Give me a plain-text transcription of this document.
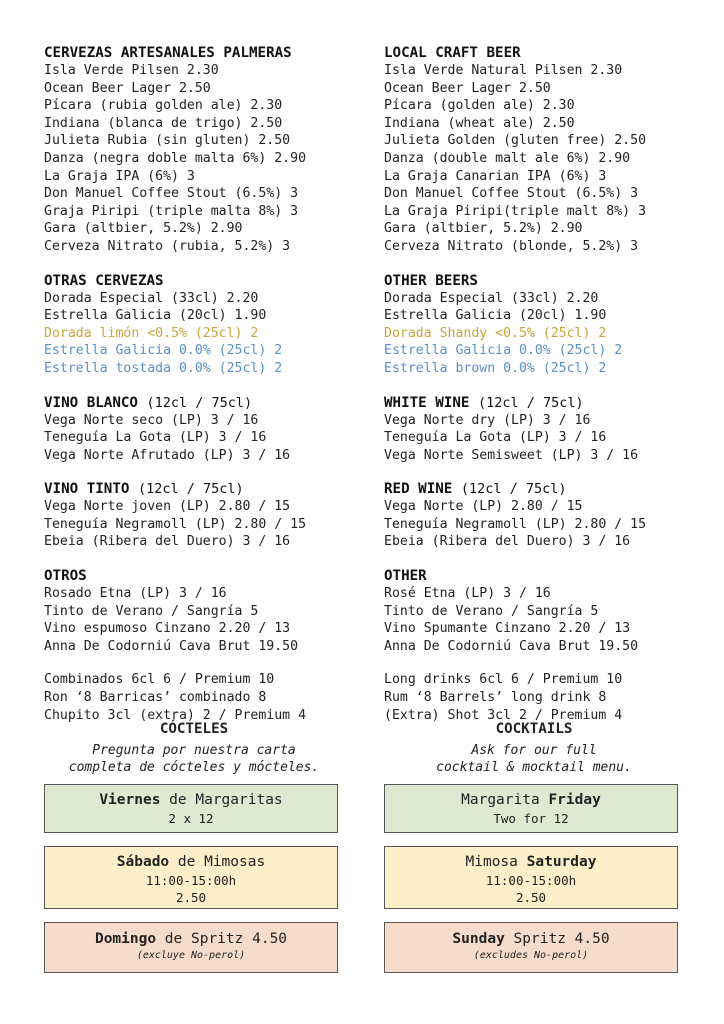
CERVEZAS ARTESANALES PALMERAS
Isla Verde Pilsen 2.30
Ocean Beer Lager 2.50
Pícara (rubia golden ale) 2.30
Indiana (blanca de trigo) 2.50
Julieta Rubia (sin gluten) 2.50
Danza (negra doble malta 6%) 2.90
La Graja IPA (6%) 3
Don Manuel Coffee Stout (6.5%) 3
Graja Piripi (triple malta 8%) 3
Gara (altbier, 5.2%) 2.90
Cerveza Nitrato (rubia, 5.2%) 3
OTRAS CERVEZAS
Dorada Especial (33cl) 2.20
Estrella Galicia (20cl) 1.90
Dorada limón <0.5% (25cl) 2
Estrella Galicia 0.0% (25cl) 2
Estrella tostada 0.0% (25cl) 2
VINO BLANCO (12cl / 75cl)
Vega Norte seco (LP) 3 / 16
Teneguía La Gota (LP) 3 / 16
Vega Norte Afrutado (LP) 3 / 16
VINO TINTO (12cl / 75cl)
Vega Norte joven (LP) 2.80 / 15
Teneguía Negramoll (LP) 2.80 / 15
Ebeia (Ribera del Duero) 3 / 16
OTROS
Rosado Etna (LP) 3 / 16
Tinto de Verano / Sangría 5
Vino espumoso Cinzano 2.20 / 13
Anna De Codorniú Cava Brut 19.50
Combinados 6cl 6 / Premium 10
Ron ‘8 Barricas’ combinado 8
Chupito 3cl (extra) 2 / Premium 4
LOCAL CRAFT BEER
Isla Verde Natural Pilsen 2.30
Ocean Beer Lager 2.50
Pícara (golden ale) 2.30
Indiana (wheat ale) 2.50
Julieta Golden (gluten free) 2.50
Danza (double malt ale 6%) 2.90
La Graja Canarian IPA (6%) 3
Don Manuel Coffee Stout (6.5%) 3
La Graja Piripi(triple malt 8%) 3
Gara (altbier, 5.2%) 2.90
Cerveza Nitrato (blonde, 5.2%) 3
OTHER BEERS
Dorada Especial (33cl) 2.20
Estrella Galicia (20cl) 1.90
Dorada Shandy <0.5% (25cl) 2
Estrella Galicia 0.0% (25cl) 2
Estrella brown 0.0% (25cl) 2
WHITE WINE (12cl / 75cl)
Vega Norte dry (LP) 3 / 16
Teneguía La Gota (LP) 3 / 16
Vega Norte Semisweet (LP) 3 / 16
RED WINE (12cl / 75cl)
Vega Norte (LP) 2.80 / 15
Teneguía Negramoll (LP) 2.80 / 15
Ebeia (Ribera del Duero) 3 / 16
OTHER
Rosé Etna (LP) 3 / 16
Tinto de Verano / Sangría 5
Vino Spumante Cinzano 2.20 / 13
Anna De Codorniú Cava Brut 19.50
Long drinks 6cl 6 / Premium 10
Rum ‘8 Barrels’ long drink 8
(Extra) Shot 3cl 2 / Premium 4
CÓCTELES
Pregunta por nuestra carta
completa de cócteles y mócteles.
COCKTAILS
Ask for our full
cocktail & mocktail menu.
Viernes de Margaritas
2 x 12
Sábado de Mimosas
11:00-15:00h
2.50
Domingo de Spritz 4.50
(excluye No-perol)
Margarita Friday
Two for 12
Mimosa Saturday
11:00-15:00h
2.50
Sunday Spritz 4.50
(excludes No-perol)
